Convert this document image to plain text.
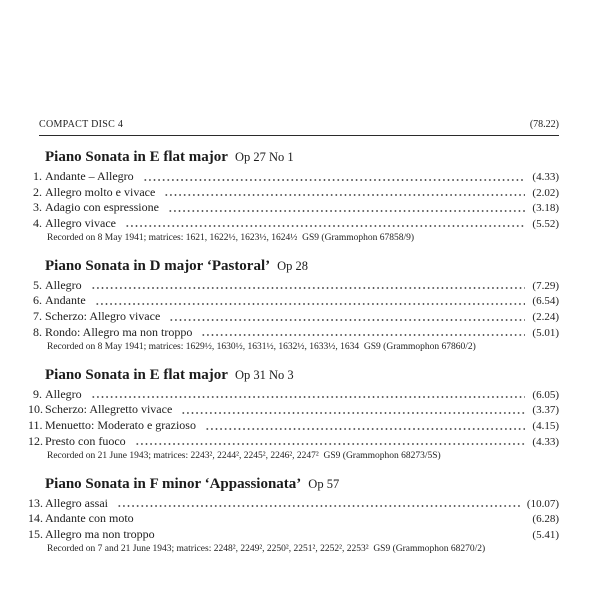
COMPACT DISC 4	(78.22)
Piano Sonata in E flat major Op 27 No 1
1. Andante – Allegro	(4.33)
2. Allegro molto e vivace	(2.02)
3. Adagio con espressione	(3.18)
4. Allegro vivace	(5.52)
Recorded on 8 May 1941; matrices: 1621, 1622½, 1623½, 1624½  GS9 (Grammophon 67858/9)
Piano Sonata in D major ‘Pastoral’ Op 28
5. Allegro	(7.29)
6. Andante	(6.54)
7. Scherzo: Allegro vivace	(2.24)
8. Rondo: Allegro ma non troppo	(5.01)
Recorded on 8 May 1941; matrices: 1629½, 1630½, 1631½, 1632½, 1633½, 1634  GS9 (Grammophon 67860/2)
Piano Sonata in E flat major Op 31 No 3
9. Allegro	(6.05)
10. Scherzo: Allegretto vivace	(3.37)
11. Menuetto: Moderato e grazioso	(4.15)
12. Presto con fuoco	(4.33)
Recorded on 21 June 1943; matrices: 2243², 2244², 2245², 2246², 2247²  GS9 (Grammophon 68273/5S)
Piano Sonata in F minor ‘Appassionata’ Op 57
13. Allegro assai	(10.07)
14. Andante con moto	(6.28)
15. Allegro ma non troppo	(5.41)
Recorded on 7 and 21 June 1943; matrices: 2248², 2249², 2250², 2251², 2252², 2253²  GS9 (Grammophon 68270/2)
